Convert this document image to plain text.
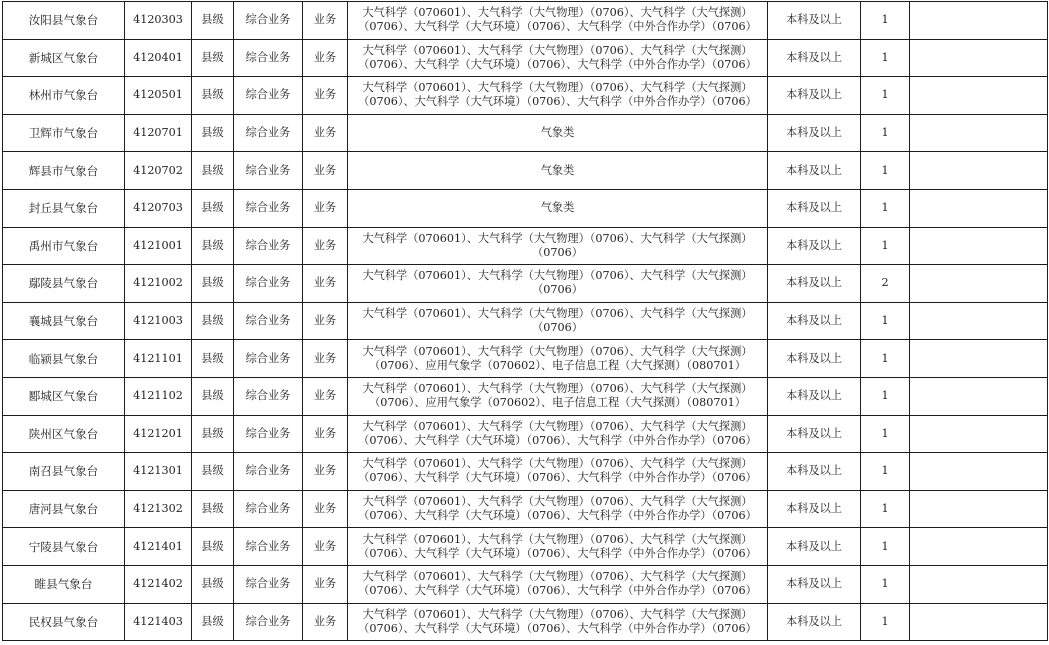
汝阳县气象台	4120303	县级	综合业务	业务	大气科学（070601）、大气科学（大气物理）（0706）、大气科学（大气探测）（0706）、大气科学（大气环境）（0706）、大气科学（中外合作办学）（0706）	本科及以上	1	
新城区气象台	4120401	县级	综合业务	业务	大气科学（070601）、大气科学（大气物理）（0706）、大气科学（大气探测）（0706）、大气科学（大气环境）（0706）、大气科学（中外合作办学）（0706）	本科及以上	1	
林州市气象台	4120501	县级	综合业务	业务	大气科学（070601）、大气科学（大气物理）（0706）、大气科学（大气探测）（0706）、大气科学（大气环境）（0706）、大气科学（中外合作办学）（0706）	本科及以上	1	
卫辉市气象台	4120701	县级	综合业务	业务	气象类	本科及以上	1	
辉县市气象台	4120702	县级	综合业务	业务	气象类	本科及以上	1	
封丘县气象台	4120703	县级	综合业务	业务	气象类	本科及以上	1	
禹州市气象台	4121001	县级	综合业务	业务	大气科学（070601）、大气科学（大气物理）（0706）、大气科学（大气探测）（0706）	本科及以上	1	
鄢陵县气象台	4121002	县级	综合业务	业务	大气科学（070601）、大气科学（大气物理）（0706）、大气科学（大气探测）（0706）	本科及以上	2	
襄城县气象台	4121003	县级	综合业务	业务	大气科学（070601）、大气科学（大气物理）（0706）、大气科学（大气探测）（0706）	本科及以上	1	
临颍县气象台	4121101	县级	综合业务	业务	大气科学（070601）、大气科学（大气物理）（0706）、大气科学（大气探测）（0706）、应用气象学（070602）、电子信息工程（大气探测）（080701）	本科及以上	1	
郾城区气象台	4121102	县级	综合业务	业务	大气科学（070601）、大气科学（大气物理）（0706）、大气科学（大气探测）（0706）、应用气象学（070602）、电子信息工程（大气探测）（080701）	本科及以上	1	
陕州区气象台	4121201	县级	综合业务	业务	大气科学（070601）、大气科学（大气物理）（0706）、大气科学（大气探测）（0706）、大气科学（大气环境）（0706）、大气科学（中外合作办学）（0706）	本科及以上	1	
南召县气象台	4121301	县级	综合业务	业务	大气科学（070601）、大气科学（大气物理）（0706）、大气科学（大气探测）（0706）、大气科学（大气环境）（0706）、大气科学（中外合作办学）（0706）	本科及以上	1	
唐河县气象台	4121302	县级	综合业务	业务	大气科学（070601）、大气科学（大气物理）（0706）、大气科学（大气探测）（0706）、大气科学（大气环境）（0706）、大气科学（中外合作办学）（0706）	本科及以上	1	
宁陵县气象台	4121401	县级	综合业务	业务	大气科学（070601）、大气科学（大气物理）（0706）、大气科学（大气探测）（0706）、大气科学（大气环境）（0706）、大气科学（中外合作办学）（0706）	本科及以上	1	
睢县气象台	4121402	县级	综合业务	业务	大气科学（070601）、大气科学（大气物理）（0706）、大气科学（大气探测）（0706）、大气科学（大气环境）（0706）、大气科学（中外合作办学）（0706）	本科及以上	1	
民权县气象台	4121403	县级	综合业务	业务	大气科学（070601）、大气科学（大气物理）（0706）、大气科学（大气探测）（0706）、大气科学（大气环境）（0706）、大气科学（中外合作办学）（0706）	本科及以上	1	
